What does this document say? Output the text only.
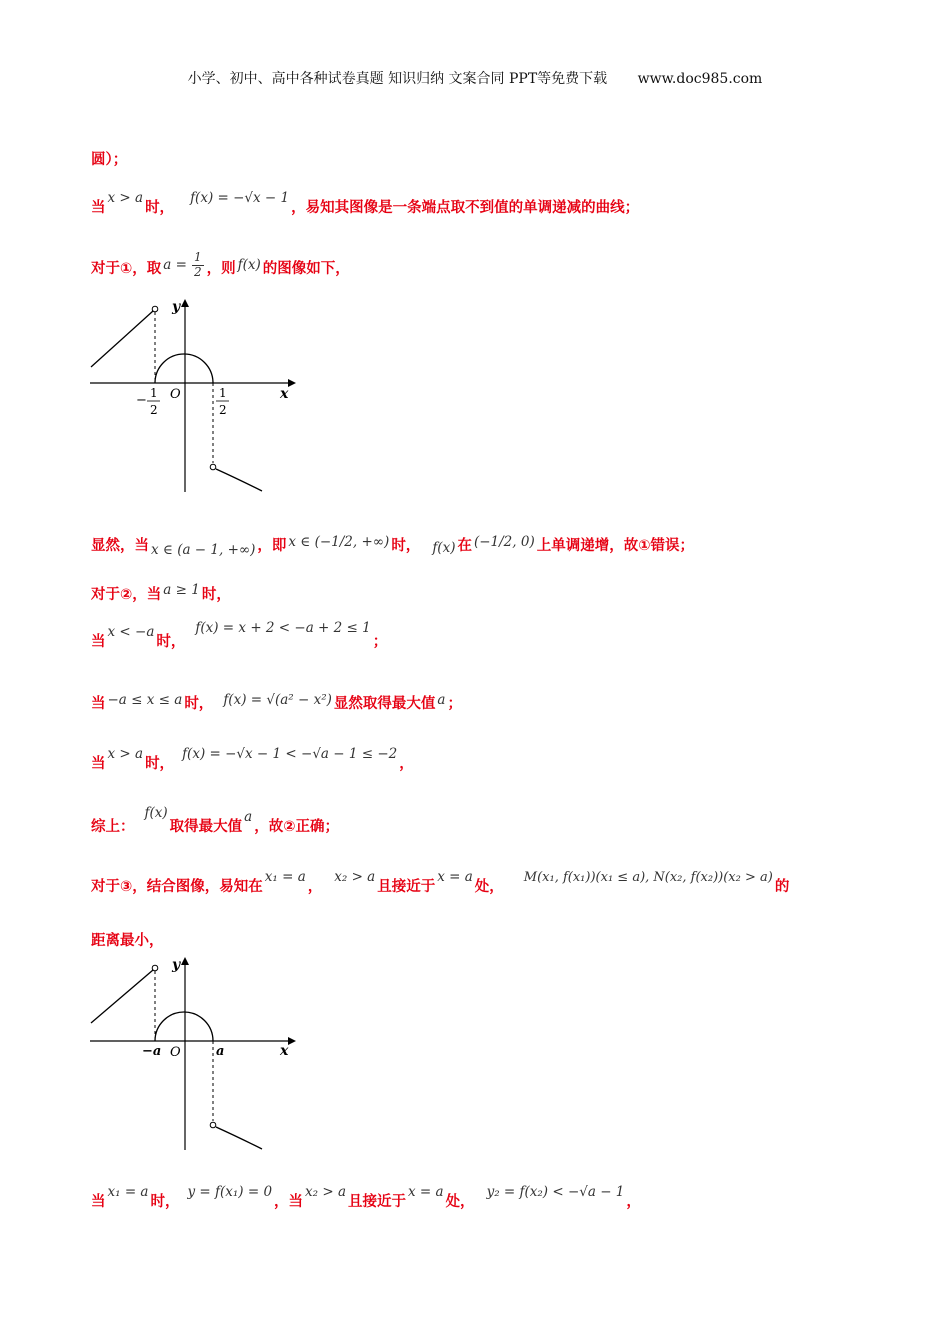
小学、初中、高中各种试卷真题 知识归纳 文案合同 PPT等免费下载 www.doc985.com
圆）；
当
x > a
时，
f(x) = −√x − 1
，易知其图像是一条端点取不到值的单调递减的曲线；
对于①，取 $a = \frac{1}{2}$ ，则 f(x) 的图像如下，
y
x
O
− 1
2
1
2
显然，当 x ∈ (a − 1, +∞) ，即 x ∈ (−1/2, +∞) 时， f(x) 在 (−1/2, 0) 上单调递增，故①错误；
对于②，当 a ≥ 1 时，
当
x < −a
时，
f(x) = x + 2 < −a + 2 ≤ 1
；
当 −a ≤ x ≤ a 时， f(x) = √(a² − x²) 显然取得最大值 a ；
当
x > a
时，
f(x) = −√x − 1 < −√a − 1 ≤ −2
，
综上：
f(x)
取得最大值
a
，故②正确；
对于③，结合图像，易知在
x₁ = a
，
x₂ > a
且接近于
x = a
处，
M(x₁, f(x₁))(x₁ ≤ a), N(x₂, f(x₂))(x₂ > a)
的
距离最小，
y
x
O
−a	a
当
x₁ = a
时，
y = f(x₁) = 0
，当
x₂ > a
且接近于
x = a
处，
y₂ = f(x₂) < −√a − 1
，
